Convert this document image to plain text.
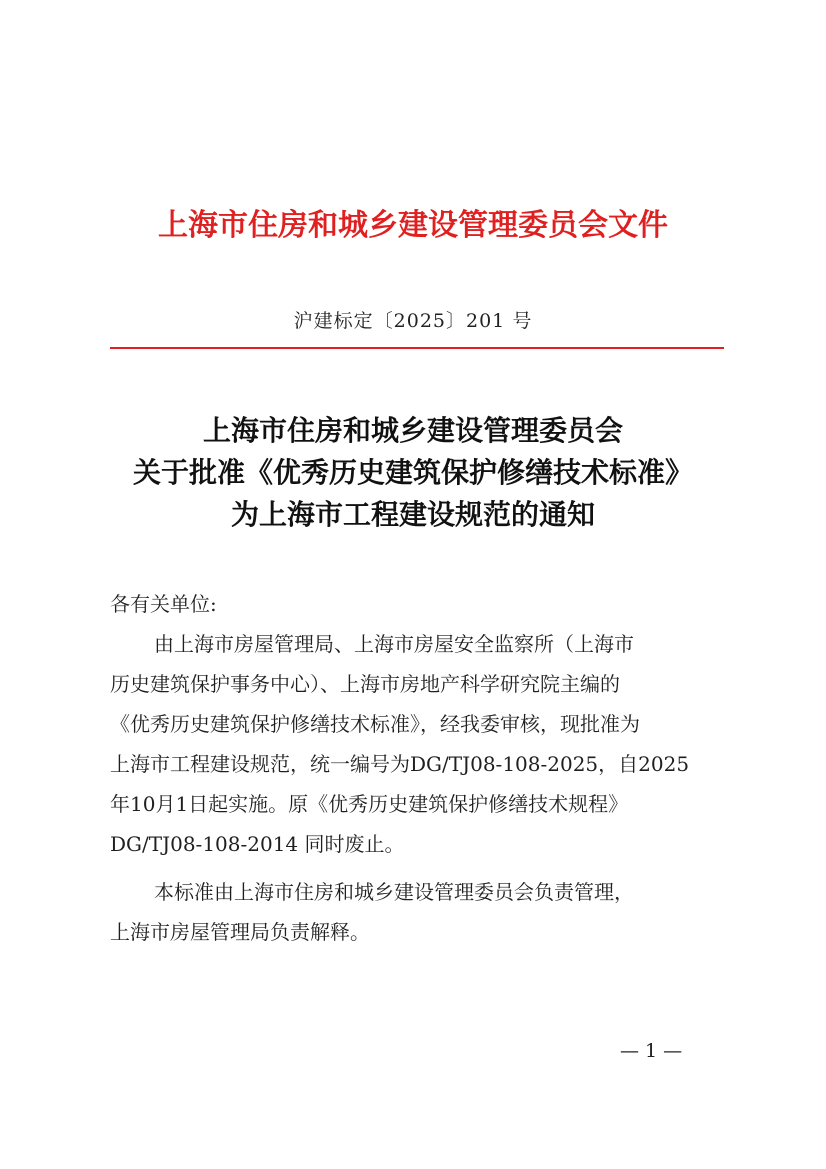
上海市住房和城乡建设管理委员会文件
沪建标定〔2025〕201 号
上海市住房和城乡建设管理委员会
关于批准《优秀历史建筑保护修缮技术标准》
为上海市工程建设规范的通知
各有关单位:
由上海市房屋管理局、上海市房屋安全监察所（上海市
历史建筑保护事务中心）、上海市房地产科学研究院主编的
《优秀历史建筑保护修缮技术标准》，经我委审核，现批准为
上海市工程建设规范，统一编号为DG/TJ08-108-2025，自2025
年10月1日起实施。原《优秀历史建筑保护修缮技术规程》
DG/TJ08-108-2014 同时废止。
本标准由上海市住房和城乡建设管理委员会负责管理，
上海市房屋管理局负责解释。
— 1 —
